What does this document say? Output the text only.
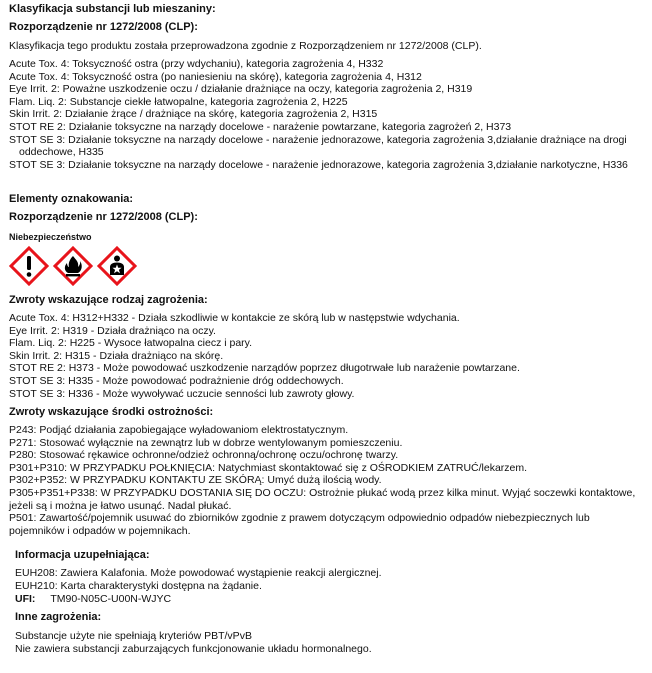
Klasyfikacja substancji lub mieszaniny:
Rozporządzenie nr 1272/2008 (CLP):
Klasyfikacja tego produktu została przeprowadzona zgodnie z Rozporządzeniem nr 1272/2008 (CLP).
Acute Tox. 4: Toksyczność ostra (przy wdychaniu), kategoria zagrożenia 4, H332
Acute Tox. 4: Toksyczność ostra (po naniesieniu na skórę), kategoria zagrożenia 4, H312
Eye Irrit. 2: Poważne uszkodzenie oczu / działanie drażniące na oczy, kategoria zagrożenia 2, H319
Flam. Liq. 2: Substancje ciekłe łatwopalne, kategoria zagrożenia 2, H225
Skin Irrit. 2: Działanie żrące / drażniące na skórę, kategoria zagrożenia 2, H315
STOT RE 2: Działanie toksyczne na narządy docelowe - narażenie powtarzane, kategoria zagrożeń 2, H373
STOT SE 3: Działanie toksyczne na narządy docelowe - narażenie jednorazowe, kategoria zagrożenia 3,działanie drażniące na drogi
oddechowe, H335
STOT SE 3: Działanie toksyczne na narządy docelowe - narażenie jednorazowe, kategoria zagrożenia 3,działanie narkotyczne, H336
Elementy oznakowania:
Rozporządzenie nr 1272/2008 (CLP):
Niebezpieczeństwo
Zwroty wskazujące rodzaj zagrożenia:
Acute Tox. 4: H312+H332 - Działa szkodliwie w kontakcie ze skórą lub w następstwie wdychania.
Eye Irrit. 2: H319 - Działa drażniąco na oczy.
Flam. Liq. 2: H225 - Wysoce łatwopalna ciecz i pary.
Skin Irrit. 2: H315 - Działa drażniąco na skórę.
STOT RE 2: H373 - Może powodować uszkodzenie narządów poprzez długotrwałe lub narażenie powtarzane.
STOT SE 3: H335 - Może powodować podrażnienie dróg oddechowych.
STOT SE 3: H336 - Może wywoływać uczucie senności lub zawroty głowy.
Zwroty wskazujące środki ostrożności:
P243: Podjąć działania zapobiegające wyładowaniom elektrostatycznym.
P271: Stosować wyłącznie na zewnątrz lub w dobrze wentylowanym pomieszczeniu.
P280: Stosować rękawice ochronne/odzież ochronną/ochronę oczu/ochronę twarzy.
P301+P310: W PRZYPADKU POŁKNIĘCIA: Natychmiast skontaktować się z OŚRODKIEM ZATRUĆ/lekarzem.
P302+P352: W PRZYPADKU KONTAKTU ZE SKÓRĄ: Umyć dużą ilością wody.
P305+P351+P338: W PRZYPADKU DOSTANIA SIĘ DO OCZU: Ostrożnie płukać wodą przez kilka minut. Wyjąć soczewki kontaktowe,
jeżeli są i można je łatwo usunąć. Nadal płukać.
P501: Zawartość/pojemnik usuwać do zbiorników zgodnie z prawem dotyczącym odpowiednio odpadów niebezpiecznych lub
pojemników i odpadów w pojemnikach.
Informacja uzupełniająca:
EUH208: Zawiera Kalafonia. Może powodować wystąpienie reakcji alergicznej.
EUH210: Karta charakterystyki dostępna na żądanie.
UFI: TM90-N05C-U00N-WJYC
Inne zagrożenia:
Substancje użyte nie spełniają kryteriów PBT/vPvB
Nie zawiera substancji zaburzających funkcjonowanie układu hormonalnego.
